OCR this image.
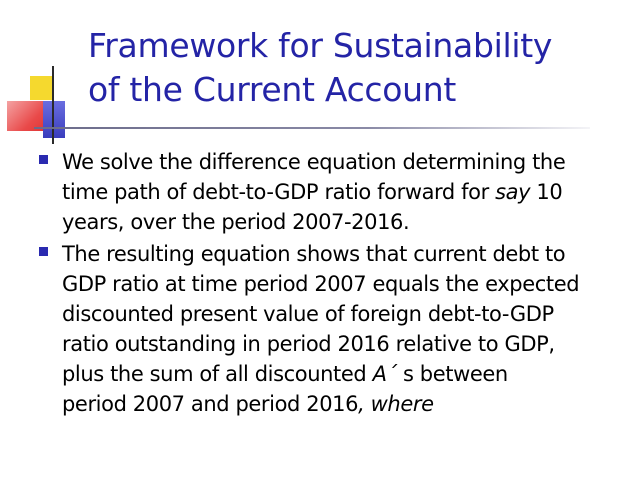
Framework for Sustainability
of the Current Account
We solve the difference equation determining the
time path of debt-to-GDP ratio forward for say 10
years, over the period 2007-2016.
The resulting equation shows that current debt to
GDP ratio at time period 2007 equals the expected
discounted present value of foreign debt-to-GDP
ratio outstanding in period 2016 relative to GDP,
plus the sum of all discounted A´ s between
period 2007 and period 2016, where
